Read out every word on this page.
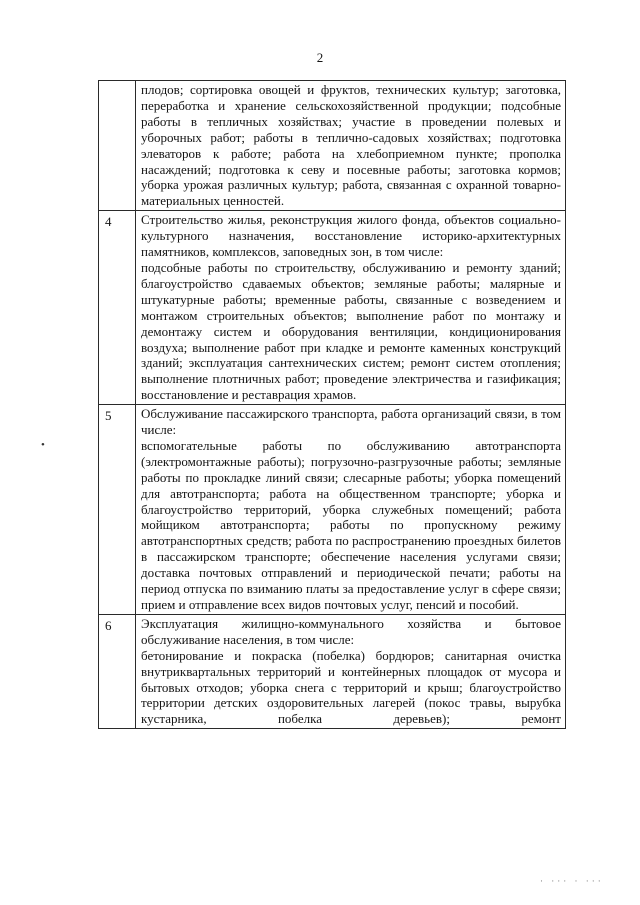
2

	плодов; сортировка овощей и фруктов, технических культур; заготовка, переработка и хранение сельскохозяйственной продукции; подсобные работы в тепличных хозяйствах; участие в проведении полевых и уборочных работ; работы в теплично-садовых хозяйствах; подготовка элеваторов к работе; работа на хлебоприемном пункте; прополка насаждений; подготовка к севу и посевные работы; заготовка кормов; уборка урожая различных культур; работа, связанная с охранной товарно-материальных ценностей.

4	Строительство жилья, реконструкция жилого фонда, объектов социально-культурного назначения, восстановление историко-архитектурных памятников, комплексов, заповедных зон, в том числе:

подсобные работы по строительству, обслуживанию и ремонту зданий; благоустройство сдаваемых объектов; земляные работы; малярные и штукатурные работы; временные работы, связанные с возведением и монтажом строительных объектов; выполнение работ по монтажу и демонтажу систем и оборудования вентиляции, кондиционирования воздуха; выполнение работ при кладке и ремонте каменных конструкций зданий; эксплуатация сантехнических систем; ремонт систем отопления; выполнение плотничных работ; проведение электричества и газификация; восстановление и реставрация храмов.

5	Обслуживание пассажирского транспорта, работа организаций связи, в том числе:

вспомогательные работы по обслуживанию автотранспорта (электромонтажные работы); погрузочно-разгрузочные работы; земляные работы по прокладке линий связи; слесарные работы; уборка помещений для автотранспорта; работа на общественном транспорте; уборка и благоустройство территорий, уборка служебных помещений; работа мойщиком автотранспорта; работы по пропускному режиму автотранспортных средств; работа по распространению проездных билетов в пассажирском транспорте; обеспечение населения услугами связи; доставка почтовых отправлений и периодической печати; работы на период отпуска по взиманию платы за предоставление услуг в сфере связи; прием и отправление всех видов почтовых услуг, пенсий и пособий.

6	Эксплуатация жилищно-коммунального хозяйства и бытовое обслуживание населения, в том числе:

бетонирование и покраска (побелка) бордюров; санитарная очистка внутриквартальных территорий и контейнерных площадок от мусора и бытовых отходов; уборка снега с территорий и крыш; благоустройство территории детских оздоровительных лагерей (покос травы, вырубка кустарника, побелка деревьев); ремонт

•
· ··· · ···
